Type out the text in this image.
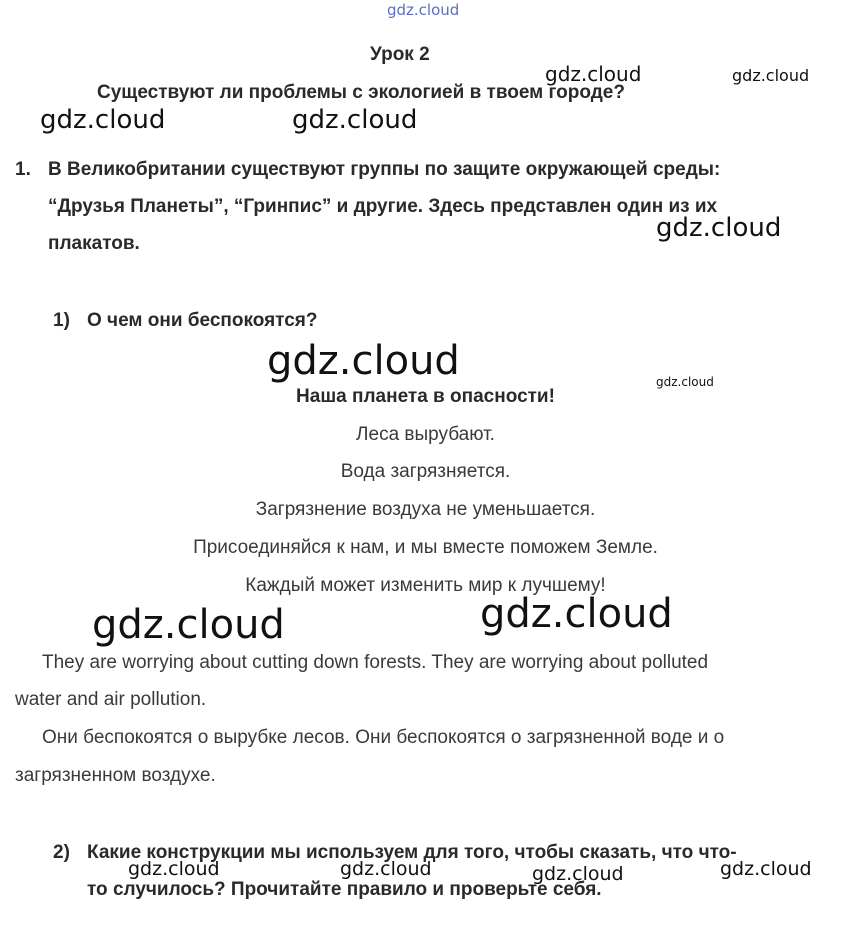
gdz.cloud
Урок 2
Существуют ли проблемы с экологией в твоем городе?
1. В Великобритании существуют группы по защите окружающей среды:
“Друзья Планеты”, “Гринпис” и другие. Здесь представлен один из их
плакатов.
1) О чем они беспокоятся?
Наша планета в опасности!
Леса вырубают.
Вода загрязняется.
Загрязнение воздуха не уменьшается.
Присоединяйся к нам, и мы вместе поможем Земле.
Каждый может изменить мир к лучшему!
They are worrying about cutting down forests. They are worrying about polluted
water and air pollution.
Они беспокоятся о вырубке лесов. Они беспокоятся о загрязненной воде и о
загрязненном воздухе.
2) Какие конструкции мы используем для того, чтобы сказать, что что-
то случилось? Прочитайте правило и проверьте себя.
gdz.cloud	gdz.cloud
gdz.cloud	gdz.cloud
gdz.cloud
gdz.cloud	gdz.cloud
gdz.cloud	gdz.cloud
gdz.cloud	gdz.cloud	gdz.cloud	gdz.cloud
